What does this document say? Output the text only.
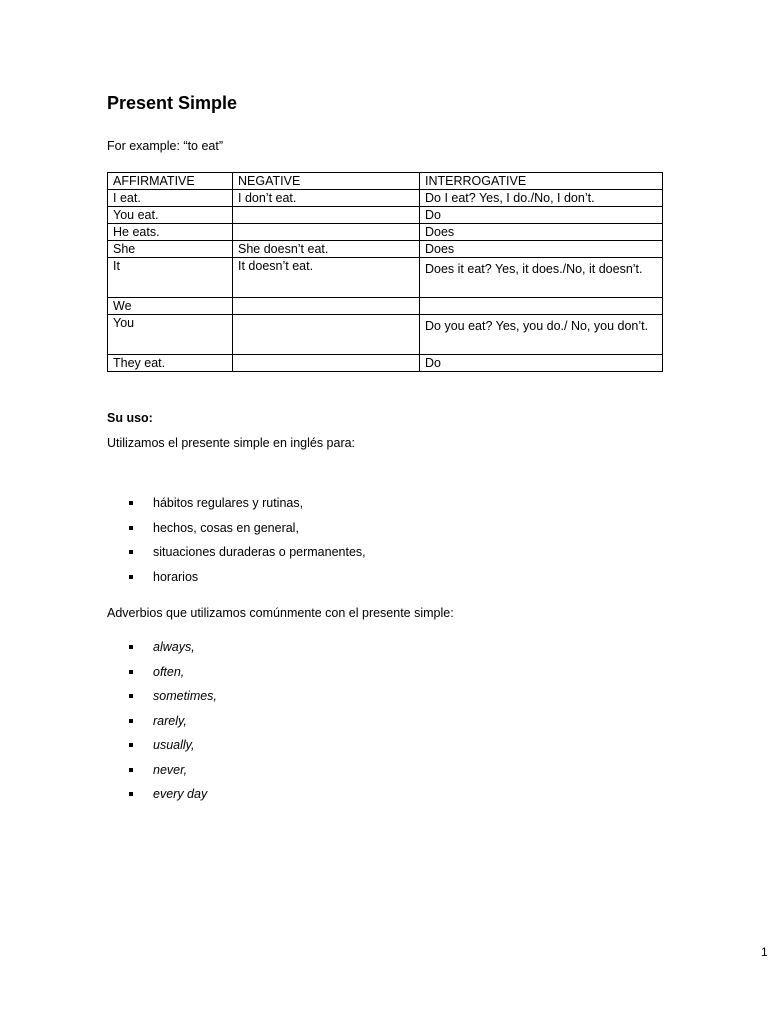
Present Simple
For example: “to eat”
AFFIRMATIVE	NEGATIVE	INTERROGATIVE
I eat.	I don’t eat.	Do I eat? Yes, I do./No, I don’t.
You eat.		Do
He eats.		Does
She	She doesn’t eat.	Does
It	It doesn’t eat.	Does it eat? Yes, it does./No, it doesn’t.
We		
You		Do you eat? Yes, you do./ No, you don’t.
They eat.		Do
Su uso:
Utilizamos el presente simple en inglés para:
hábitos regulares y rutinas,
hechos, cosas en general,
situaciones duraderas o permanentes,
horarios
Adverbios que utilizamos comúnmente con el presente simple:
always,
often,
sometimes,
rarely,
usually,
never,
every day
1
